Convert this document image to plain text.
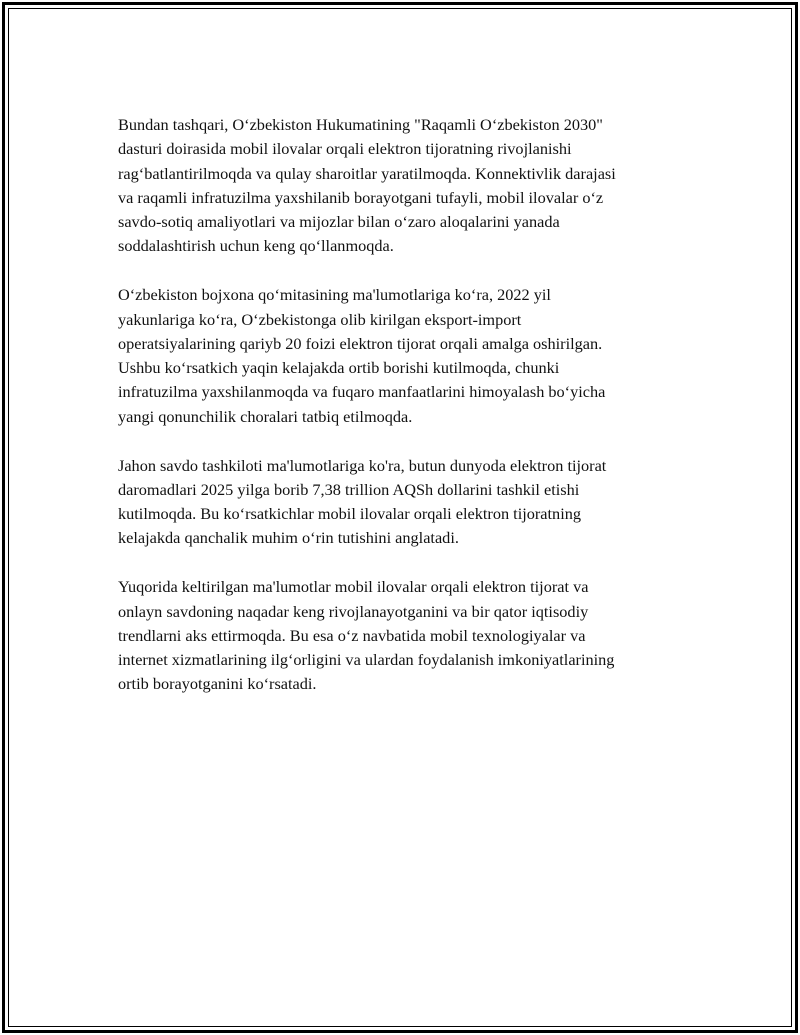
Bundan tashqari, O‘zbekiston Hukumatining "Raqamli O‘zbekiston 2030"
dasturi doirasida mobil ilovalar orqali elektron tijoratning rivojlanishi
rag‘batlantirilmoqda va qulay sharoitlar yaratilmoqda. Konnektivlik darajasi
va raqamli infratuzilma yaxshilanib borayotgani tufayli, mobil ilovalar o‘z
savdo-sotiq amaliyotlari va mijozlar bilan o‘zaro aloqalarini yanada
soddalashtirish uchun keng qo‘llanmoqda.

O‘zbekiston bojxona qo‘mitasining ma'lumotlariga ko‘ra, 2022 yil
yakunlariga ko‘ra, O‘zbekistonga olib kirilgan eksport-import
operatsiyalarining qariyb 20 foizi elektron tijorat orqali amalga oshirilgan.
Ushbu ko‘rsatkich yaqin kelajakda ortib borishi kutilmoqda, chunki
infratuzilma yaxshilanmoqda va fuqaro manfaatlarini himoyalash bo‘yicha
yangi qonunchilik choralari tatbiq etilmoqda.

Jahon savdo tashkiloti ma'lumotlariga ko'ra, butun dunyoda elektron tijorat
daromadlari 2025 yilga borib 7,38 trillion AQSh dollarini tashkil etishi
kutilmoqda. Bu ko‘rsatkichlar mobil ilovalar orqali elektron tijoratning
kelajakda qanchalik muhim o‘rin tutishini anglatadi.

Yuqorida keltirilgan ma'lumotlar mobil ilovalar orqali elektron tijorat va
onlayn savdoning naqadar keng rivojlanayotganini va bir qator iqtisodiy
trendlarni aks ettirmoqda. Bu esa o‘z navbatida mobil texnologiyalar va
internet xizmatlarining ilg‘orligini va ulardan foydalanish imkoniyatlarining
ortib borayotganini ko‘rsatadi.
